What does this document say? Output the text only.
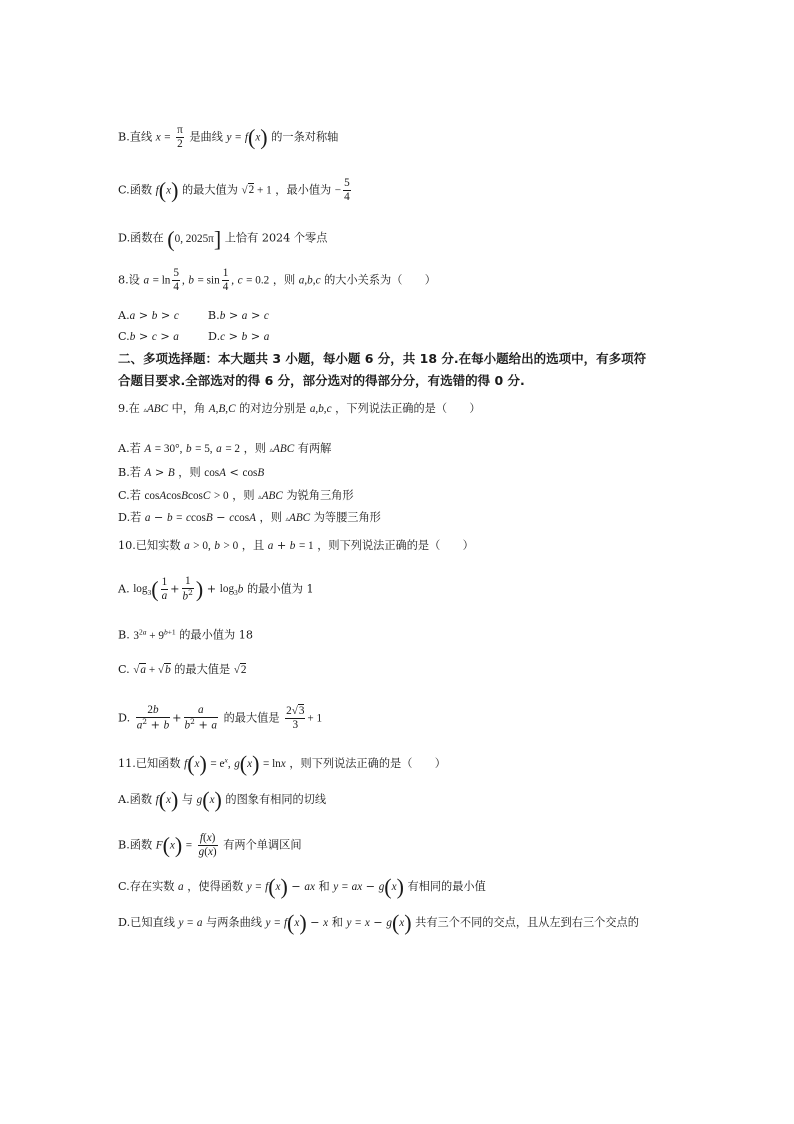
B.直线 $x = \frac{\pi}{2}$ 是曲线 y = f(x) 的一条对称轴
C.函数 f(x) 的最大值为 √2 + 1 ，最小值为 − $\frac{5}{4}$
D.函数在 (0, 2025π] 上恰有 2024 个零点
8.设 $a = \ln \frac{5}{4}$ , $b = \sin \frac{1}{4}$ , c = 0.2 ，则 a,b,c 的大小关系为（　　）
A.a > b > c	B.b > a > c
C.b > c > a	D.c > b > a
二、多项选择题：本大题共 3 小题，每小题 6 分，共 18 分.在每小题给出的选项中，有多项符
合题目要求.全部选对的得 6 分，部分选对的得部分分，有选错的得 0 分.
9.在 ▵ABC 中，角 A,B,C 的对边分别是 a,b,c ，下列说法正确的是（　　）
A.若 A = 30°, b = 5, a = 2 ，则 ▵ABC 有两解
B.若 A > B ，则 cosA < cosB
C.若 cosAcosBcosC > 0 ，则 ▵ABC 为锐角三角形
D.若 a − b = ccosB − ccosA ，则 ▵ABC 为等腰三角形
10.已知实数 a > 0, b > 0 ，且 a + b = 1 ，则下列说法正确的是（　　）
A. $\log_3( \frac{1}{a} + \frac{1}{b^2}$ ) + $\log_3b$ 的最小值为 1
B. $3^{2a} + 9^{b+1}$ 的最小值为 18
C. √a + √b 的最大值是 √2
D. $\frac{2b}{a^2 + b} + \frac{a}{b^2 + a}$ 的最大值是 $\frac{2√3}{3} + 1$
11.已知函数 $f(x) = e^x$, g(x) = lnx ，则下列说法正确的是（　　）
A.函数 f(x) 与 g(x) 的图象有相同的切线
B.函数 $F(x) = \frac{f(x)}{g(x)}$ 有两个单调区间
C.存在实数 a ，使得函数 y = f(x) − ax 和 y = ax − g(x) 有相同的最小值
D.已知直线 y = a 与两条曲线 y = f(x) − x 和 y = x − g(x) 共有三个不同的交点，且从左到右三个交点的
